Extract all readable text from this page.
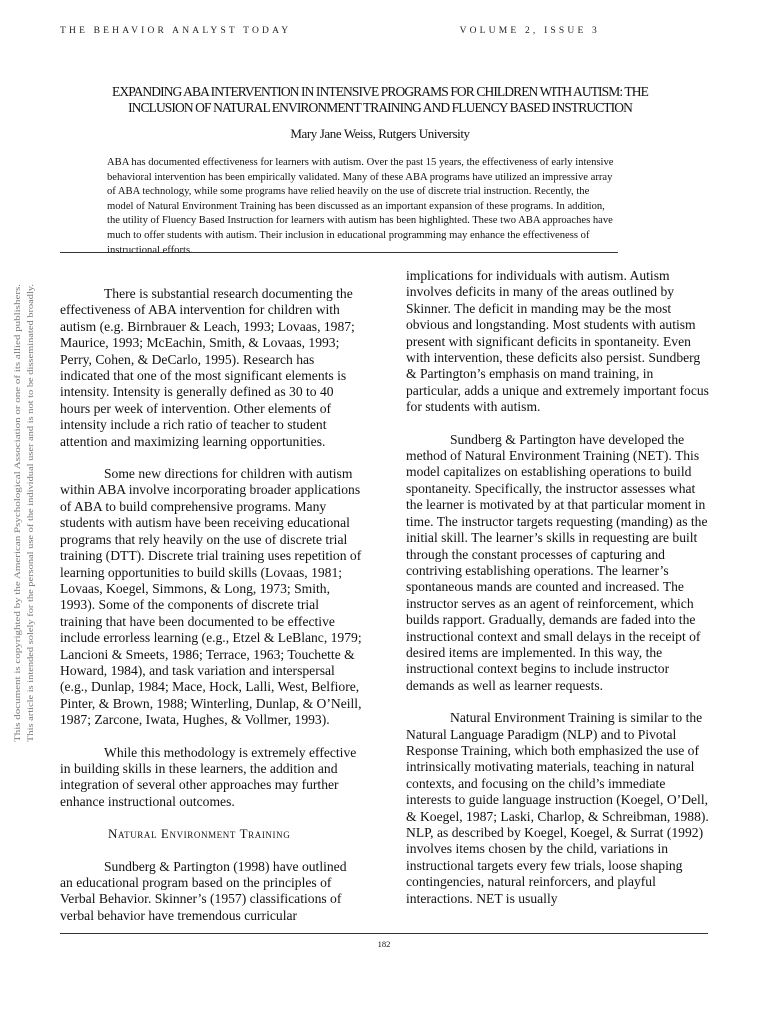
THE BEHAVIOR ANALYST TODAY	VOLUME 2, ISSUE 3
EXPANDING ABA INTERVENTION IN INTENSIVE PROGRAMS FOR CHILDREN WITH AUTISM: THE
INCLUSION OF NATURAL ENVIRONMENT TRAINING AND FLUENCY BASED INSTRUCTION
Mary Jane Weiss, Rutgers University

ABA has documented effectiveness for learners with autism. Over the past 15 years, the effectiveness of early intensive behavioral intervention has been empirically validated. Many of these ABA programs have utilized an impressive array of ABA technology, while some programs have relied heavily on the use of discrete trial instruction. Recently, the model of Natural Environment Training has been discussed as an important expansion of these programs. In addition, the utility of Fluency Based Instruction for learners with autism has been highlighted. These two ABA approaches have much to offer students with autism. Their inclusion in educational programming may enhance the effectiveness of instructional efforts.

This document is copyrighted by the American Psychological Association or one of its allied publishers. This article is intended solely for the personal use of the individual user and is not to be disseminated broadly.

There is substantial research documenting the effectiveness of ABA intervention for children with autism (e.g. Birnbrauer & Leach, 1993; Lovaas, 1987; Maurice, 1993; McEachin, Smith, & Lovaas, 1993; Perry, Cohen, & DeCarlo, 1995). Research has indicated that one of the most significant elements is intensity. Intensity is generally defined as 30 to 40 hours per week of intervention. Other elements of intensity include a rich ratio of teacher to student attention and maximizing learning opportunities.

Some new directions for children with autism within ABA involve incorporating broader applications of ABA to build comprehensive programs. Many students with autism have been receiving educational programs that rely heavily on the use of discrete trial training (DTT). Discrete trial training uses repetition of learning opportunities to build skills (Lovaas, 1981; Lovaas, Koegel, Simmons, & Long, 1973; Smith, 1993). Some of the components of discrete trial training that have been documented to be effective include errorless learning (e.g., Etzel & LeBlanc, 1979; Lancioni & Smeets, 1986; Terrace, 1963; Touchette & Howard, 1984), and task variation and interspersal (e.g., Dunlap, 1984; Mace, Hock, Lalli, West, Belfiore, Pinter, & Brown, 1988; Winterling, Dunlap, & O’Neill, 1987; Zarcone, Iwata, Hughes, & Vollmer, 1993).

While this methodology is extremely effective in building skills in these learners, the addition and integration of several other approaches may further enhance instructional outcomes.

Natural Environment Training

Sundberg & Partington (1998) have outlined an educational program based on the principles of Verbal Behavior. Skinner’s (1957) classifications of verbal behavior have tremendous curricular

implications for individuals with autism. Autism involves deficits in many of the areas outlined by Skinner. The deficit in manding may be the most obvious and longstanding. Most students with autism present with significant deficits in spontaneity. Even with intervention, these deficits also persist. Sundberg & Partington’s emphasis on mand training, in particular, adds a unique and extremely important focus for students with autism.

Sundberg & Partington have developed the method of Natural Environment Training (NET). This model capitalizes on establishing operations to build spontaneity. Specifically, the instructor assesses what the learner is motivated by at that particular moment in time. The instructor targets requesting (manding) as the initial skill. The learner’s skills in requesting are built through the constant processes of capturing and contriving establishing operations. The learner’s spontaneous mands are counted and increased. The instructor serves as an agent of reinforcement, which builds rapport. Gradually, demands are faded into the instructional context and small delays in the receipt of desired items are implemented. In this way, the instructional context begins to include instructor demands as well as learner requests.

Natural Environment Training is similar to the Natural Language Paradigm (NLP) and to Pivotal Response Training, which both emphasized the use of intrinsically motivating materials, teaching in natural contexts, and focusing on the child’s immediate interests to guide language instruction (Koegel, O’Dell, & Koegel, 1987; Laski, Charlop, & Schreibman, 1988). NLP, as described by Koegel, Koegel, & Surrat (1992) involves items chosen by the child, variations in instructional targets every few trials, loose shaping contingencies, natural reinforcers, and playful interactions. NET is usually

182
